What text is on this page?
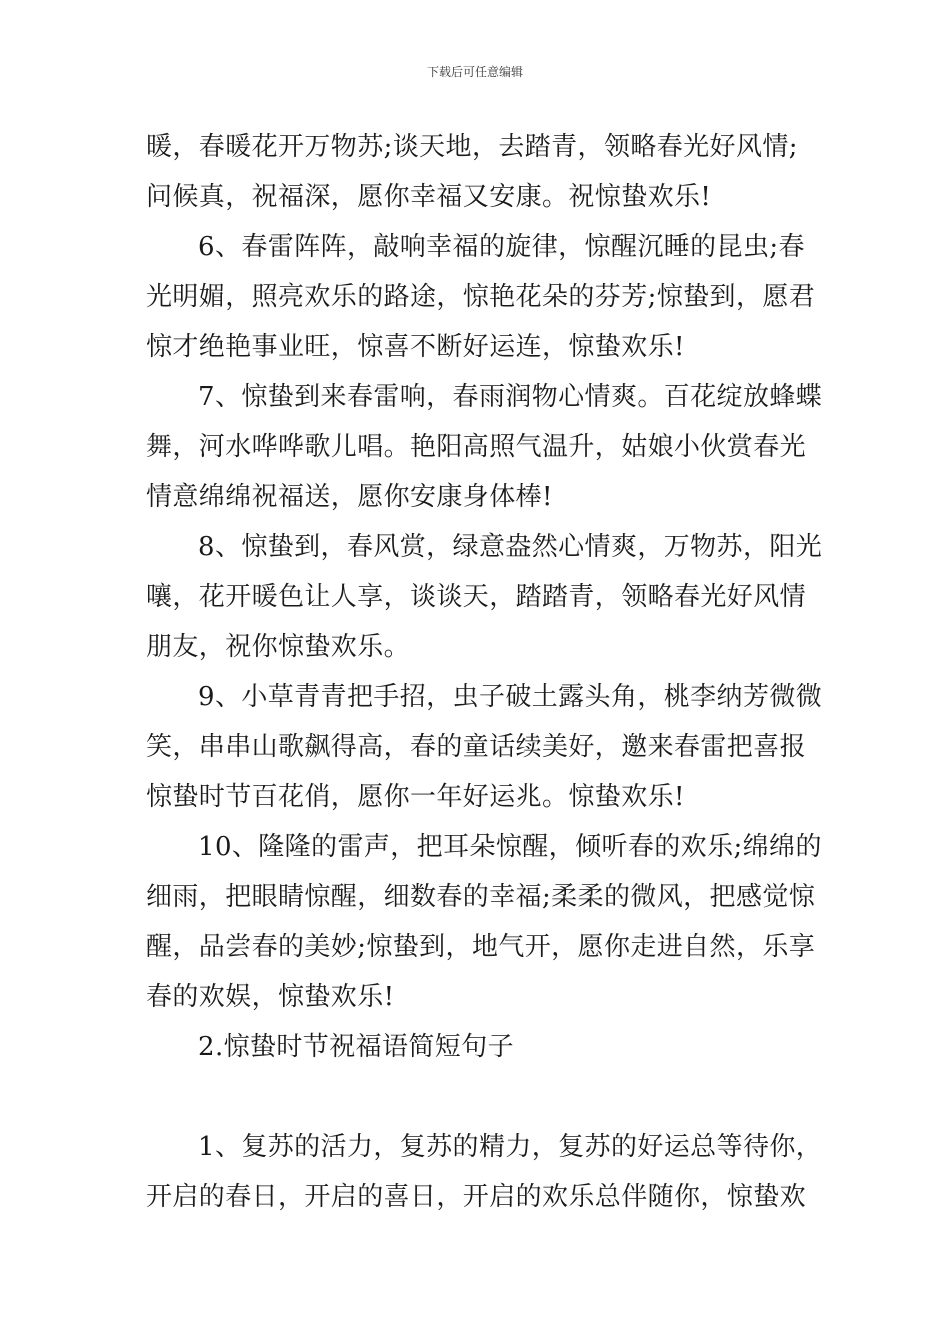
下载后可任意编辑
暖，春暖花开万物苏;谈天地，去踏青，领略春光好风情;
问候真，祝福深，愿你幸福又安康。祝惊蛰欢乐!
6、春雷阵阵，敲响幸福的旋律，惊醒沉睡的昆虫;春
光明媚，照亮欢乐的路途，惊艳花朵的芬芳;惊蛰到，愿君
惊才绝艳事业旺，惊喜不断好运连，惊蛰欢乐!
7、惊蛰到来春雷响，春雨润物心情爽。百花绽放蜂蝶
舞，河水哗哗歌儿唱。艳阳高照气温升，姑娘小伙赏春光
情意绵绵祝福送，愿你安康身体棒!
8、惊蛰到，春风赏，绿意盎然心情爽，万物苏，阳光
嚷，花开暖色让人享，谈谈天，踏踏青，领略春光好风情
朋友，祝你惊蛰欢乐。
9、小草青青把手招，虫子破土露头角，桃李纳芳微微
笑，串串山歌飙得高，春的童话续美好，邀来春雷把喜报
惊蛰时节百花俏，愿你一年好运兆。惊蛰欢乐!
10、隆隆的雷声，把耳朵惊醒，倾听春的欢乐;绵绵的
细雨，把眼睛惊醒，细数春的幸福;柔柔的微风，把感觉惊
醒，品尝春的美妙;惊蛰到，地气开，愿你走进自然，乐享
春的欢娱，惊蛰欢乐!
2.惊蛰时节祝福语简短句子
1、复苏的活力，复苏的精力，复苏的好运总等待你，
开启的春日，开启的喜日，开启的欢乐总伴随你，惊蛰欢
